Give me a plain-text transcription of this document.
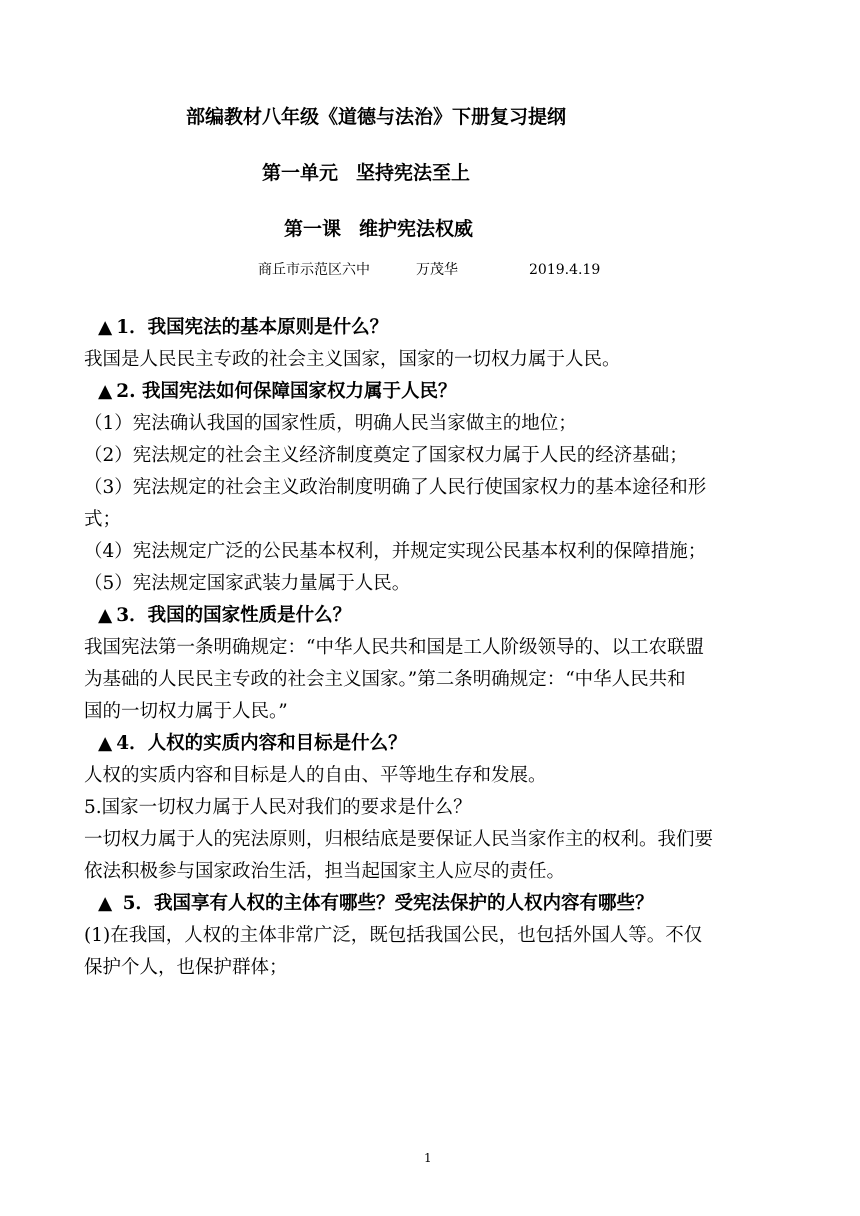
部编教材八年级《道德与法治》下册复习提纲
第一单元 坚持宪法至上
第一课 维护宪法权威
商丘市示范区六中	万茂华	2019.4.19
▲ 1．我国宪法的基本原则是什么？
我国是人民民主专政的社会主义国家，国家的一切权力属于人民。
▲ 2. 我国宪法如何保障国家权力属于人民？
（1）宪法确认我国的国家性质，明确人民当家做主的地位；
（2）宪法规定的社会主义经济制度奠定了国家权力属于人民的经济基础；
（3）宪法规定的社会主义政治制度明确了人民行使国家权力的基本途径和形
式；
（4）宪法规定广泛的公民基本权利，并规定实现公民基本权利的保障措施；
（5）宪法规定国家武装力量属于人民。
▲ 3．我国的国家性质是什么？
我国宪法第一条明确规定：“中华人民共和国是工人阶级领导的、以工农联盟
为基础的人民民主专政的社会主义国家。”第二条明确规定：“中华人民共和
国的一切权力属于人民。”
▲ 4．人权的实质内容和目标是什么？
人权的实质内容和目标是人的自由、平等地生存和发展。
5.国家一切权力属于人民对我们的要求是什么？
一切权力属于人的宪法原则，归根结底是要保证人民当家作主的权利。我们要
依法积极参与国家政治生活，担当起国家主人应尽的责任。
▲ 5．我国享有人权的主体有哪些？受宪法保护的人权内容有哪些？
(1)在我国，人权的主体非常广泛，既包括我国公民，也包括外国人等。不仅
保护个人，也保护群体；
1
